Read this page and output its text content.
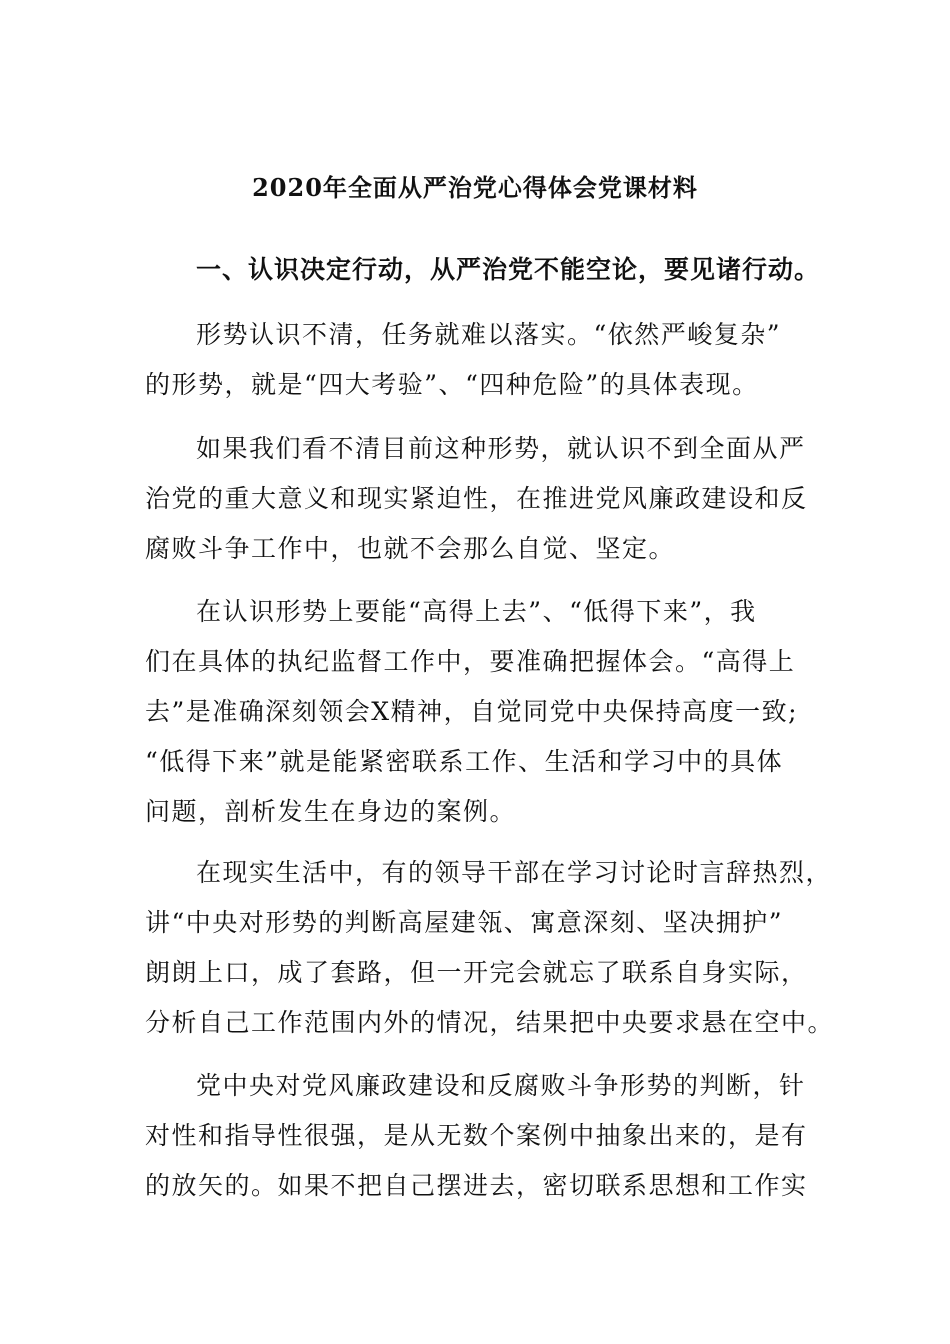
2020年全面从严治党心得体会党课材料
一、认识决定行动，从严治党不能空论，要见诸行动。
形势认识不清，任务就难以落实。“依然严峻复杂”
的形势，就是“四大考验”、“四种危险”的具体表现。
如果我们看不清目前这种形势，就认识不到全面从严
治党的重大意义和现实紧迫性，在推进党风廉政建设和反
腐败斗争工作中，也就不会那么自觉、坚定。
在认识形势上要能“高得上去”、“低得下来”，我
们在具体的执纪监督工作中，要准确把握体会。“高得上
去”是准确深刻领会X精神，自觉同党中央保持高度一致;
“低得下来”就是能紧密联系工作、生活和学习中的具体
问题，剖析发生在身边的案例。
在现实生活中，有的领导干部在学习讨论时言辞热烈，
讲“中央对形势的判断高屋建瓴、寓意深刻、坚决拥护”
朗朗上口，成了套路，但一开完会就忘了联系自身实际，
分析自己工作范围内外的情况，结果把中央要求悬在空中。
党中央对党风廉政建设和反腐败斗争形势的判断，针
对性和指导性很强，是从无数个案例中抽象出来的，是有
的放矢的。如果不把自己摆进去，密切联系思想和工作实
